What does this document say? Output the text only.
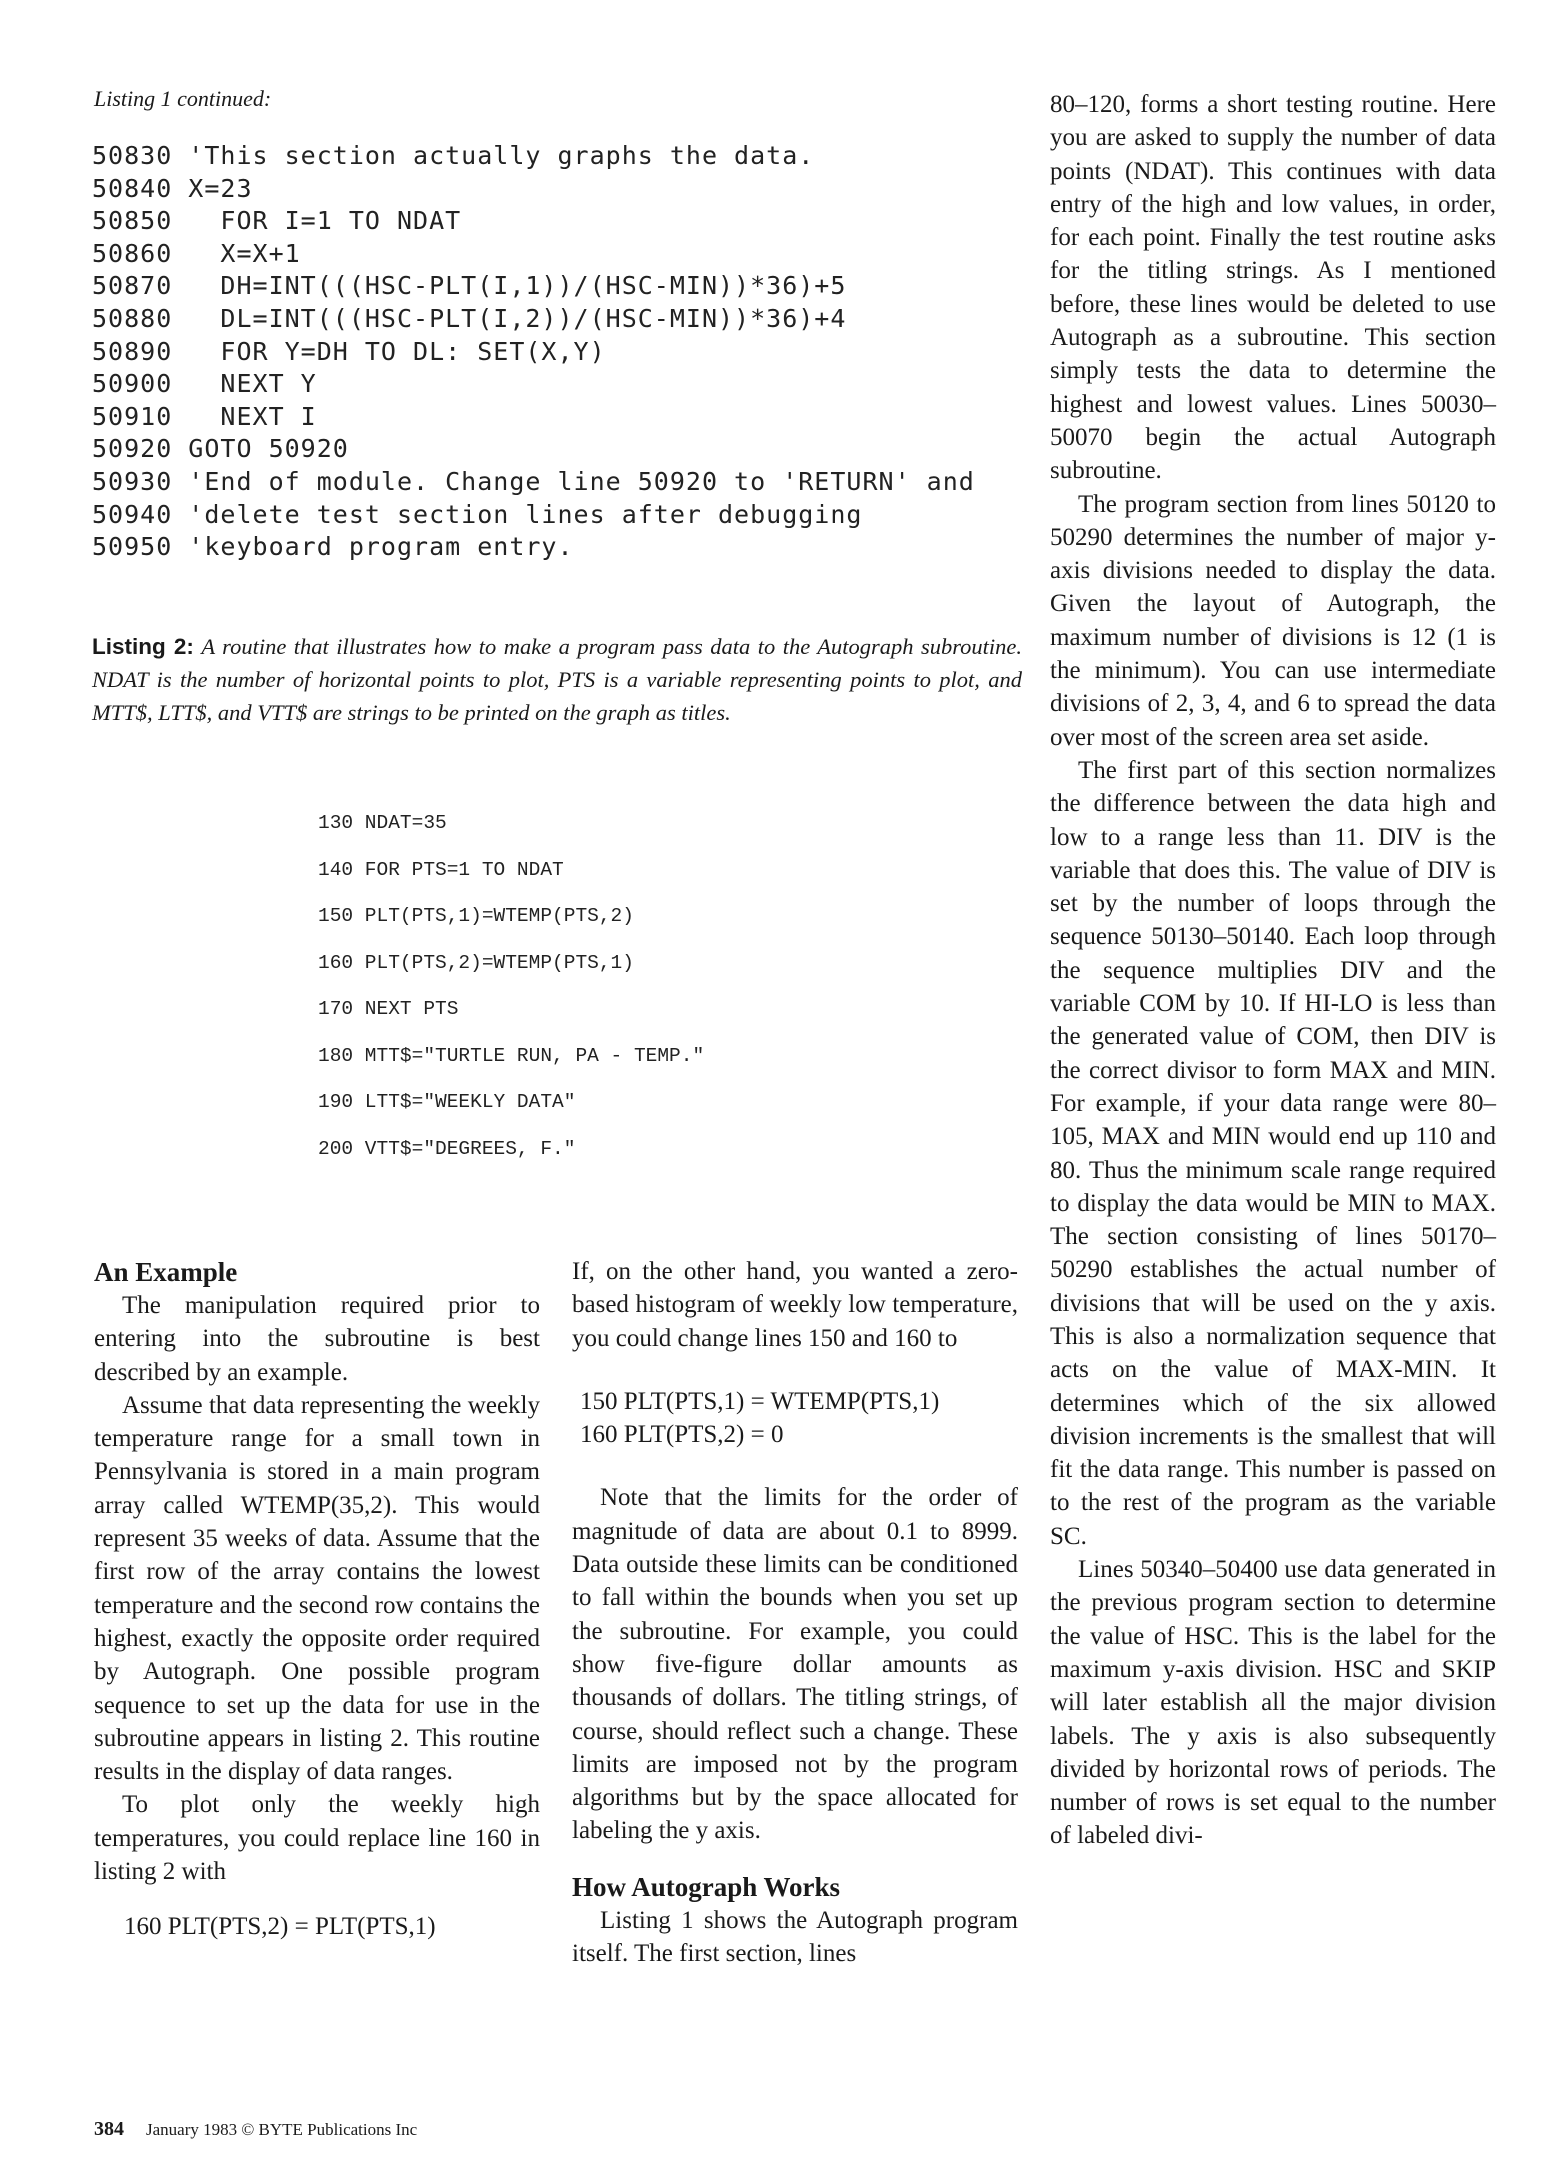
Listing 1 continued:
50830 'This section actually graphs the data.
50840 X=23
50850   FOR I=1 TO NDAT
50860   X=X+1
50870   DH=INT(((HSC-PLT(I,1))/(HSC-MIN))*36)+5
50880   DL=INT(((HSC-PLT(I,2))/(HSC-MIN))*36)+4
50890   FOR Y=DH TO DL: SET(X,Y)
50900   NEXT Y
50910   NEXT I
50920 GOTO 50920
50930 'End of module. Change line 50920 to 'RETURN' and
50940 'delete test section lines after debugging
50950 'keyboard program entry.
Listing 2: A routine that illustrates how to make a program pass data to the Autograph subroutine. NDAT is the number of horizontal points to plot, PTS is a variable representing points to plot, and MTT$, LTT$, and VTT$ are strings to be printed on the graph as titles.
130 NDAT=35
140 FOR PTS=1 TO NDAT
150 PLT(PTS,1)=WTEMP(PTS,2)
160 PLT(PTS,2)=WTEMP(PTS,1)
170 NEXT PTS
180 MTT$="TURTLE RUN, PA - TEMP."
190 LTT$="WEEKLY DATA"
200 VTT$="DEGREES, F."
An Example

The manipulation required prior to entering into the subroutine is best described by an example.

Assume that data representing the weekly temperature range for a small town in Pennsylvania is stored in a main program array called WTEMP(35,2). This would represent 35 weeks of data. Assume that the first row of the array contains the lowest temperature and the second row contains the highest, exactly the opposite order required by Autograph. One possible program sequence to set up the data for use in the subroutine appears in listing 2. This routine results in the display of data ranges.

To plot only the weekly high temperatures, you could replace line 160 in listing 2 with

160 PLT(PTS,2) = PLT(PTS,1)

If, on the other hand, you wanted a zero-based histogram of weekly low temperature, you could change lines 150 and 160 to

150 PLT(PTS,1) = WTEMP(PTS,1)

160 PLT(PTS,2) = 0

Note that the limits for the order of magnitude of data are about 0.1 to 8999. Data outside these limits can be conditioned to fall within the bounds when you set up the subroutine. For example, you could show five-figure dollar amounts as thousands of dollars. The titling strings, of course, should reflect such a change. These limits are imposed not by the program algorithms but by the space allocated for labeling the y axis.

How Autograph Works

Listing 1 shows the Autograph program itself. The first section, lines

80–120, forms a short testing routine. Here you are asked to supply the number of data points (NDAT). This continues with data entry of the high and low values, in order, for each point. Finally the test routine asks for the titling strings. As I mentioned before, these lines would be deleted to use Autograph as a subroutine. This section simply tests the data to determine the highest and lowest values. Lines 50030–50070 begin the actual Autograph subroutine.

The program section from lines 50120 to 50290 determines the number of major y-axis divisions needed to display the data. Given the layout of Autograph, the maximum number of divisions is 12 (1 is the minimum). You can use intermediate divisions of 2, 3, 4, and 6 to spread the data over most of the screen area set aside.

The first part of this section normalizes the difference between the data high and low to a range less than 11. DIV is the variable that does this. The value of DIV is set by the number of loops through the sequence 50130–50140. Each loop through the sequence multiplies DIV and the variable COM by 10. If HI-LO is less than the generated value of COM, then DIV is the correct divisor to form MAX and MIN. For example, if your data range were 80–105, MAX and MIN would end up 110 and 80. Thus the minimum scale range required to display the data would be MIN to MAX. The section consisting of lines 50170–50290 establishes the actual number of divisions that will be used on the y axis. This is also a normalization sequence that acts on the value of MAX-MIN. It determines which of the six allowed division increments is the smallest that will fit the data range. This number is passed on to the rest of the program as the variable SC.

Lines 50340–50400 use data generated in the previous program section to determine the value of HSC. This is the label for the maximum y-axis division. HSC and SKIP will later establish all the major division labels. The y axis is also subsequently divided by horizontal rows of periods. The number of rows is set equal to the number of labeled divi-

384 January 1983 © BYTE Publications Inc
